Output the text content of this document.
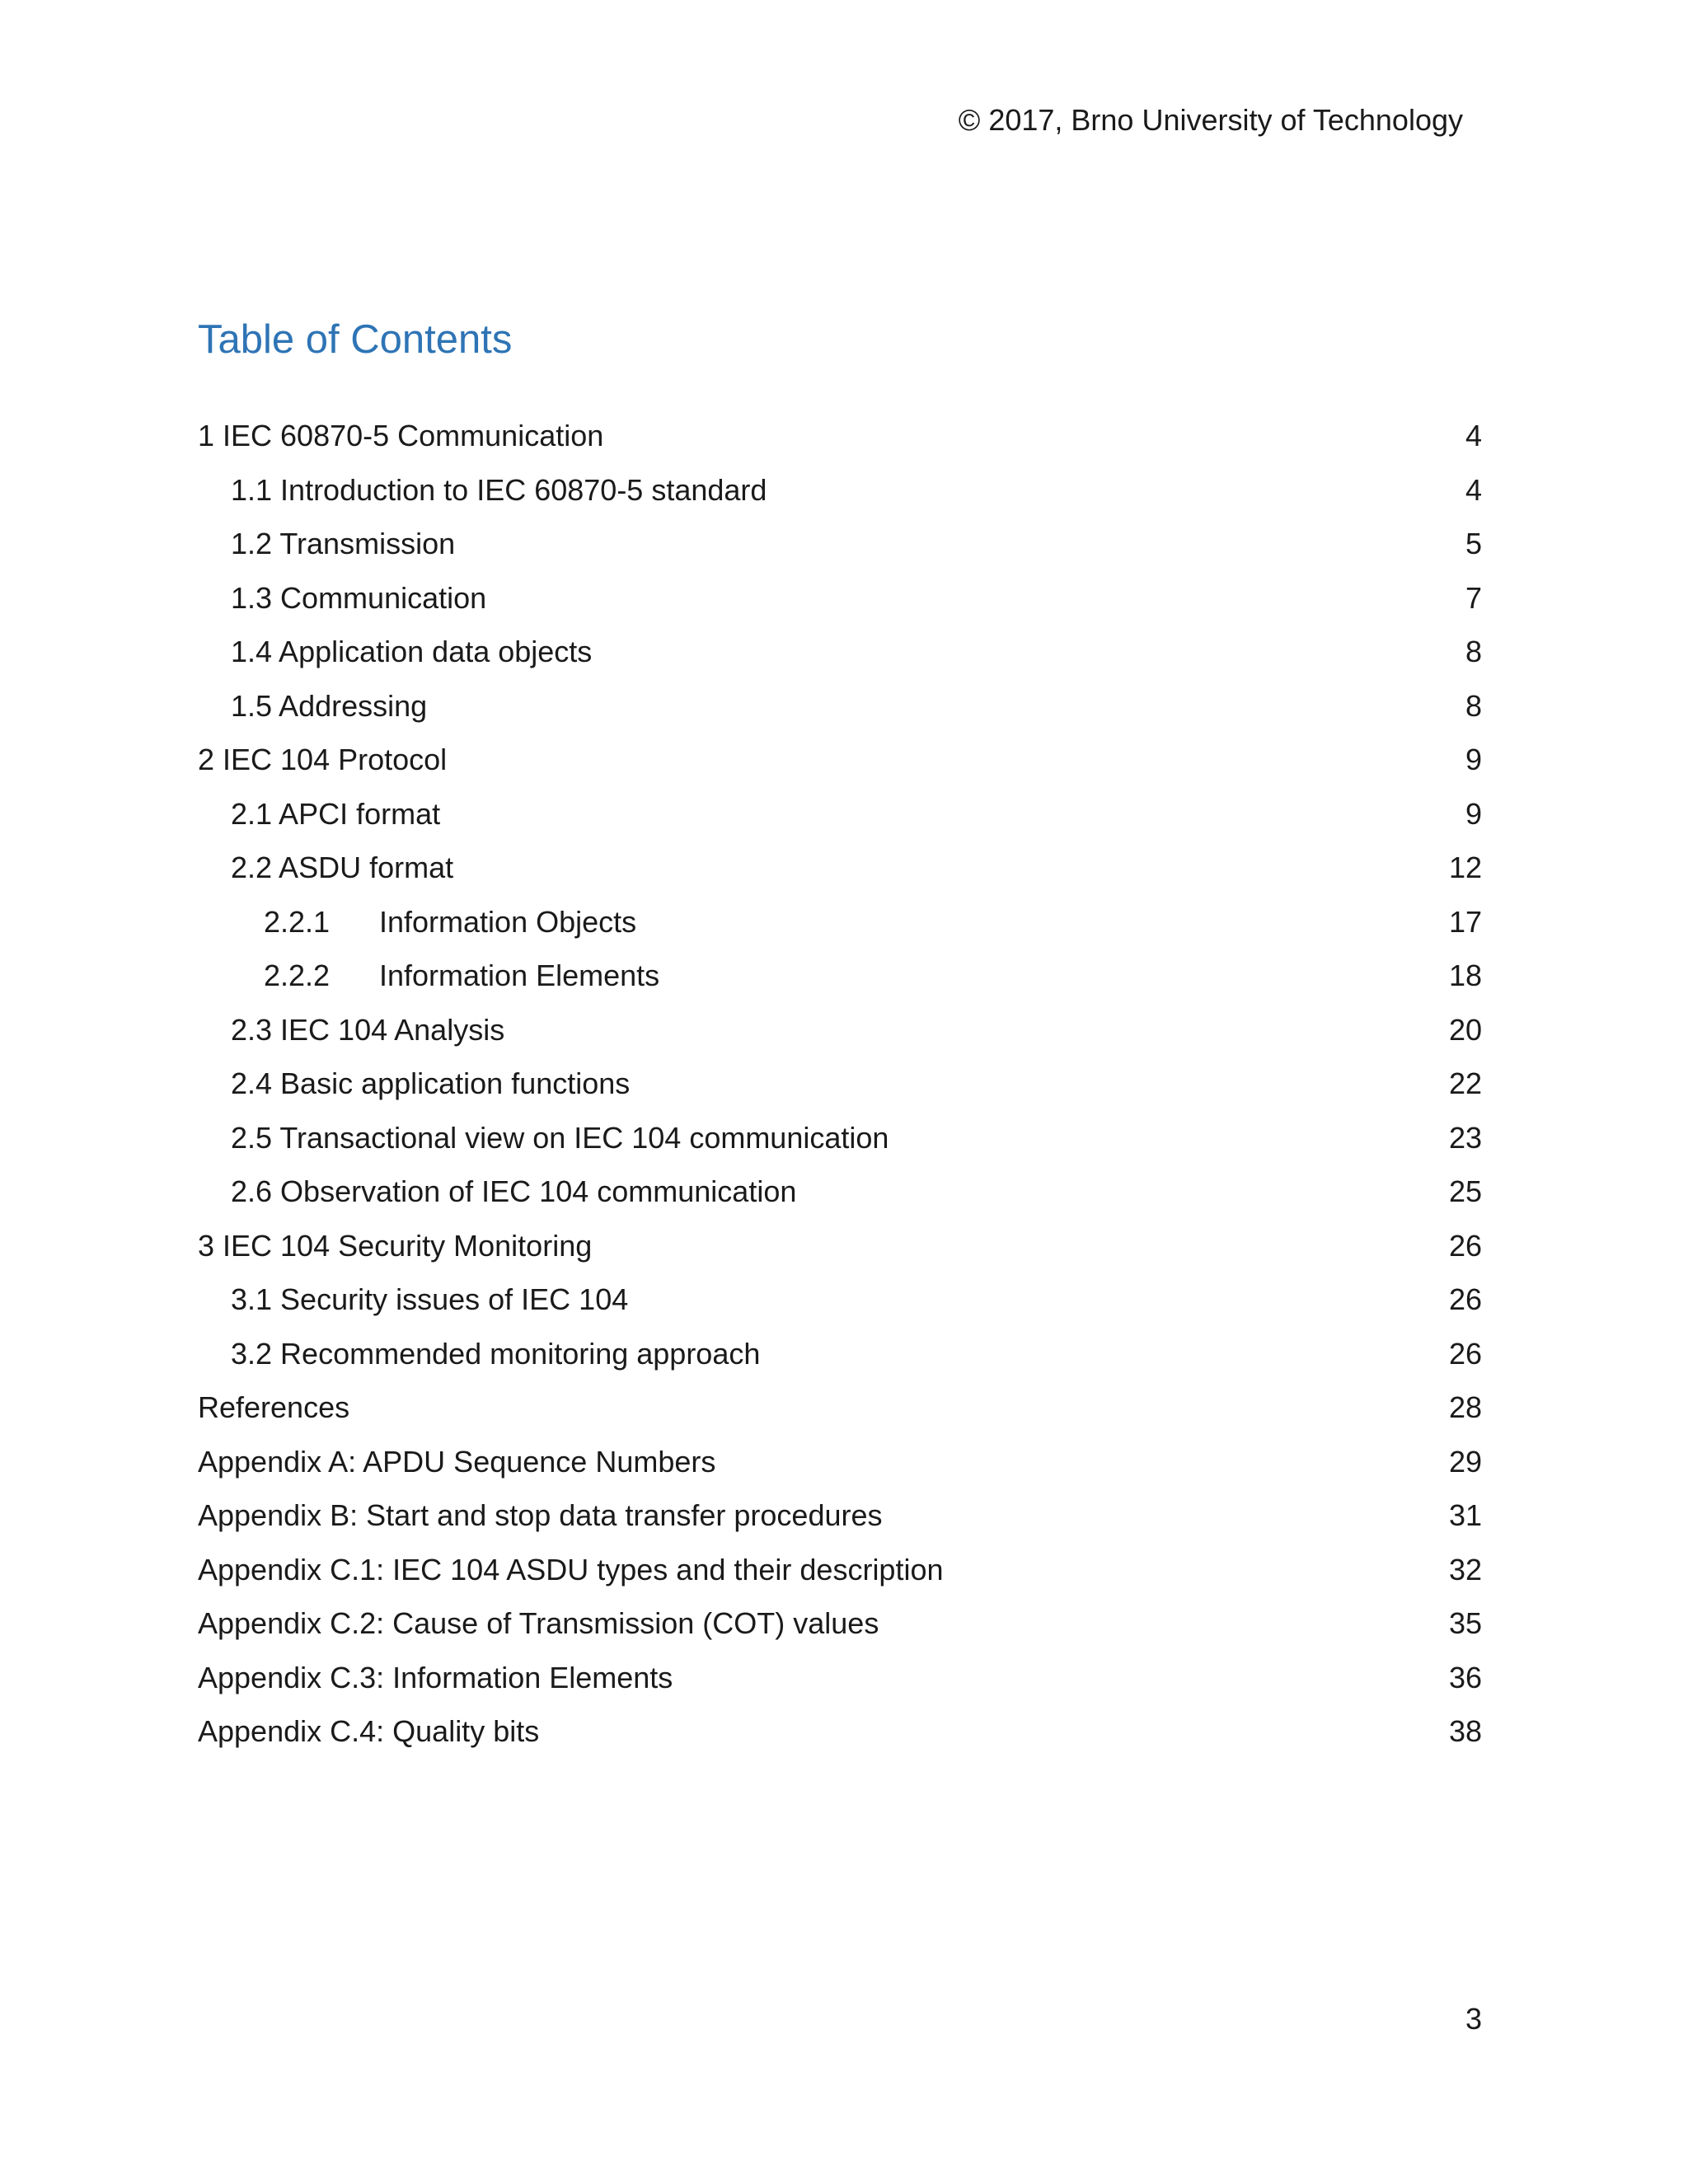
© 2017, Brno University of Technology
Table of Contents
1 IEC 60870-5 Communication	4
1.1 Introduction to IEC 60870-5 standard	4
1.2 Transmission	5
1.3 Communication	7
1.4 Application data objects	8
1.5 Addressing	8
2 IEC 104 Protocol	9
2.1 APCI format	9
2.2 ASDU format	12
2.2.1 Information Objects	17
2.2.2 Information Elements	18
2.3 IEC 104 Analysis	20
2.4 Basic application functions	22
2.5 Transactional view on IEC 104 communication	23
2.6 Observation of IEC 104 communication	25
3 IEC 104 Security Monitoring	26
3.1 Security issues of IEC 104	26
3.2 Recommended monitoring approach	26
References	28
Appendix A: APDU Sequence Numbers	29
Appendix B: Start and stop data transfer procedures	31
Appendix C.1: IEC 104 ASDU types and their description	32
Appendix C.2: Cause of Transmission (COT) values	35
Appendix C.3: Information Elements	36
Appendix C.4: Quality bits	38
3
